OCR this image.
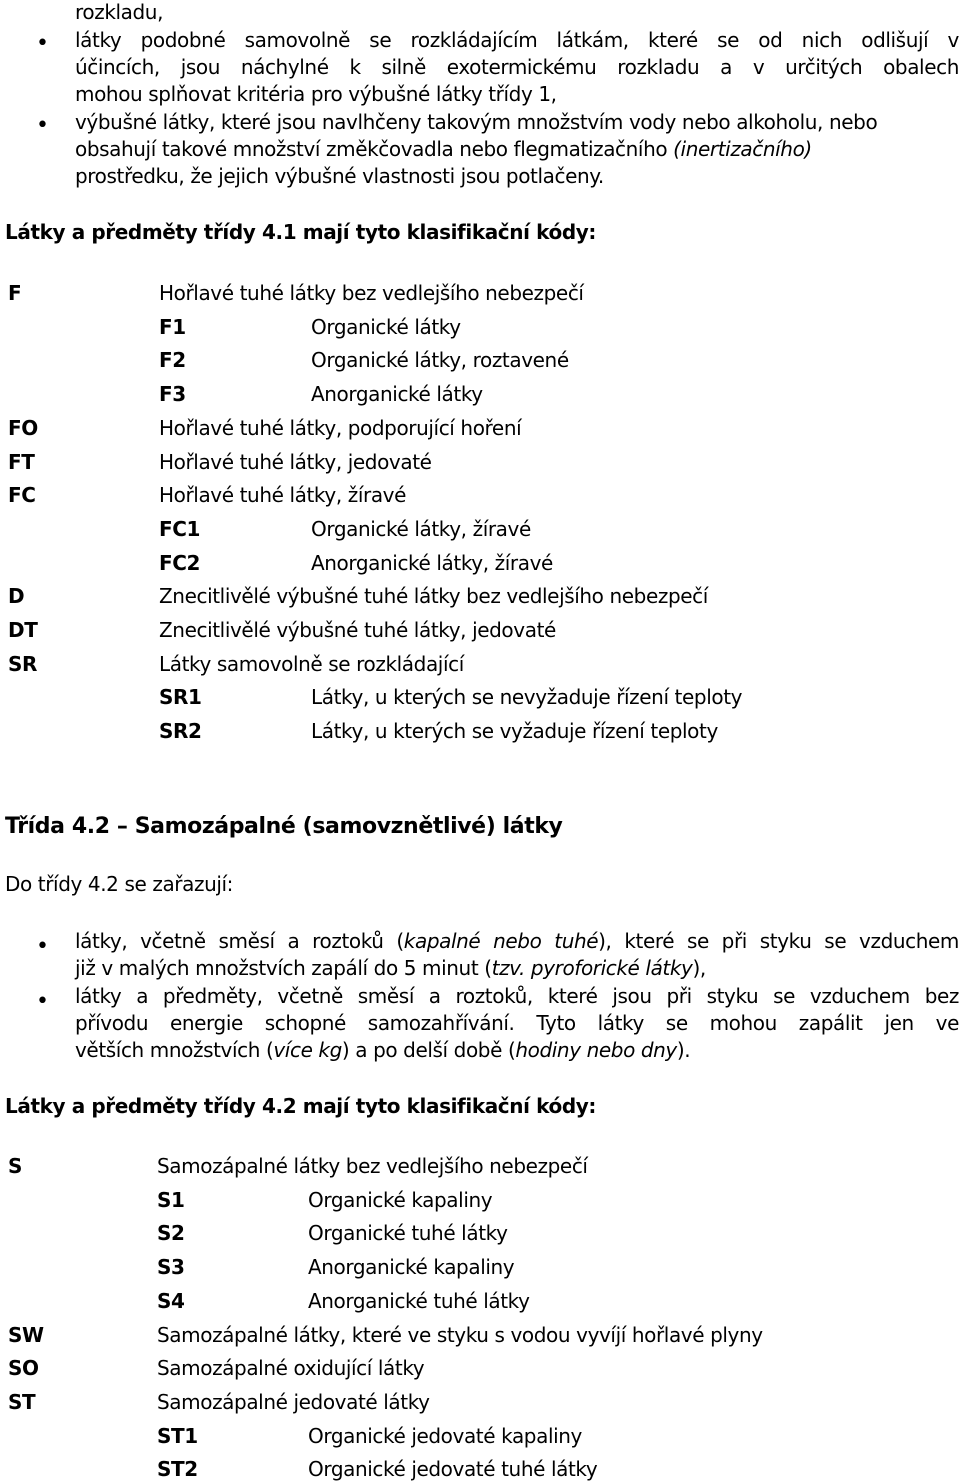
rozkladu,
•
látky podobné samovolně se rozkládajícím látkám, které se od nich odlišují v
účincích, jsou náchylné k silně exotermickému rozkladu a v určitých obalech
mohou splňovat kritéria pro výbušné látky třídy 1,
•
výbušné látky, které jsou navlhčeny takovým množstvím vody nebo alkoholu, nebo
obsahují takové množství změkčovadla nebo flegmatizačního (inertizačního)
prostředku, že jejich výbušné vlastnosti jsou potlačeny.
Látky a předměty třídy 4.1 mají tyto klasifikační kódy:
F	Hořlavé tuhé látky bez vedlejšího nebezpečí
F1	Organické látky
F2	Organické látky, roztavené
F3	Anorganické látky
FO	Hořlavé tuhé látky, podporující hoření
FT	Hořlavé tuhé látky, jedovaté
FC	Hořlavé tuhé látky, žíravé
FC1	Organické látky, žíravé
FC2	Anorganické látky, žíravé
D	Znecitlivělé výbušné tuhé látky bez vedlejšího nebezpečí
DT	Znecitlivělé výbušné tuhé látky, jedovaté
SR	Látky samovolně se rozkládající
SR1	Látky, u kterých se nevyžaduje řízení teploty
SR2	Látky, u kterých se vyžaduje řízení teploty
Třída 4.2 – Samozápalné (samovznětlivé) látky
Do třídy 4.2 se zařazují:
•
látky, včetně směsí a roztoků (kapalné nebo tuhé), které se při styku se vzduchem
již v malých množstvích zapálí do 5 minut (tzv. pyroforické látky),
•
látky a předměty, včetně směsí a roztoků, které jsou při styku se vzduchem bez
přívodu energie schopné samozahřívání. Tyto látky se mohou zapálit jen ve
větších množstvích (více kg) a po delší době (hodiny nebo dny).
Látky a předměty třídy 4.2 mají tyto klasifikační kódy:
S	Samozápalné látky bez vedlejšího nebezpečí
S1	Organické kapaliny
S2	Organické tuhé látky
S3	Anorganické kapaliny
S4	Anorganické tuhé látky
SW	Samozápalné látky, které ve styku s vodou vyvíjí hořlavé plyny
SO	Samozápalné oxidující látky
ST	Samozápalné jedovaté látky
ST1	Organické jedovaté kapaliny
ST2	Organické jedovaté tuhé látky
